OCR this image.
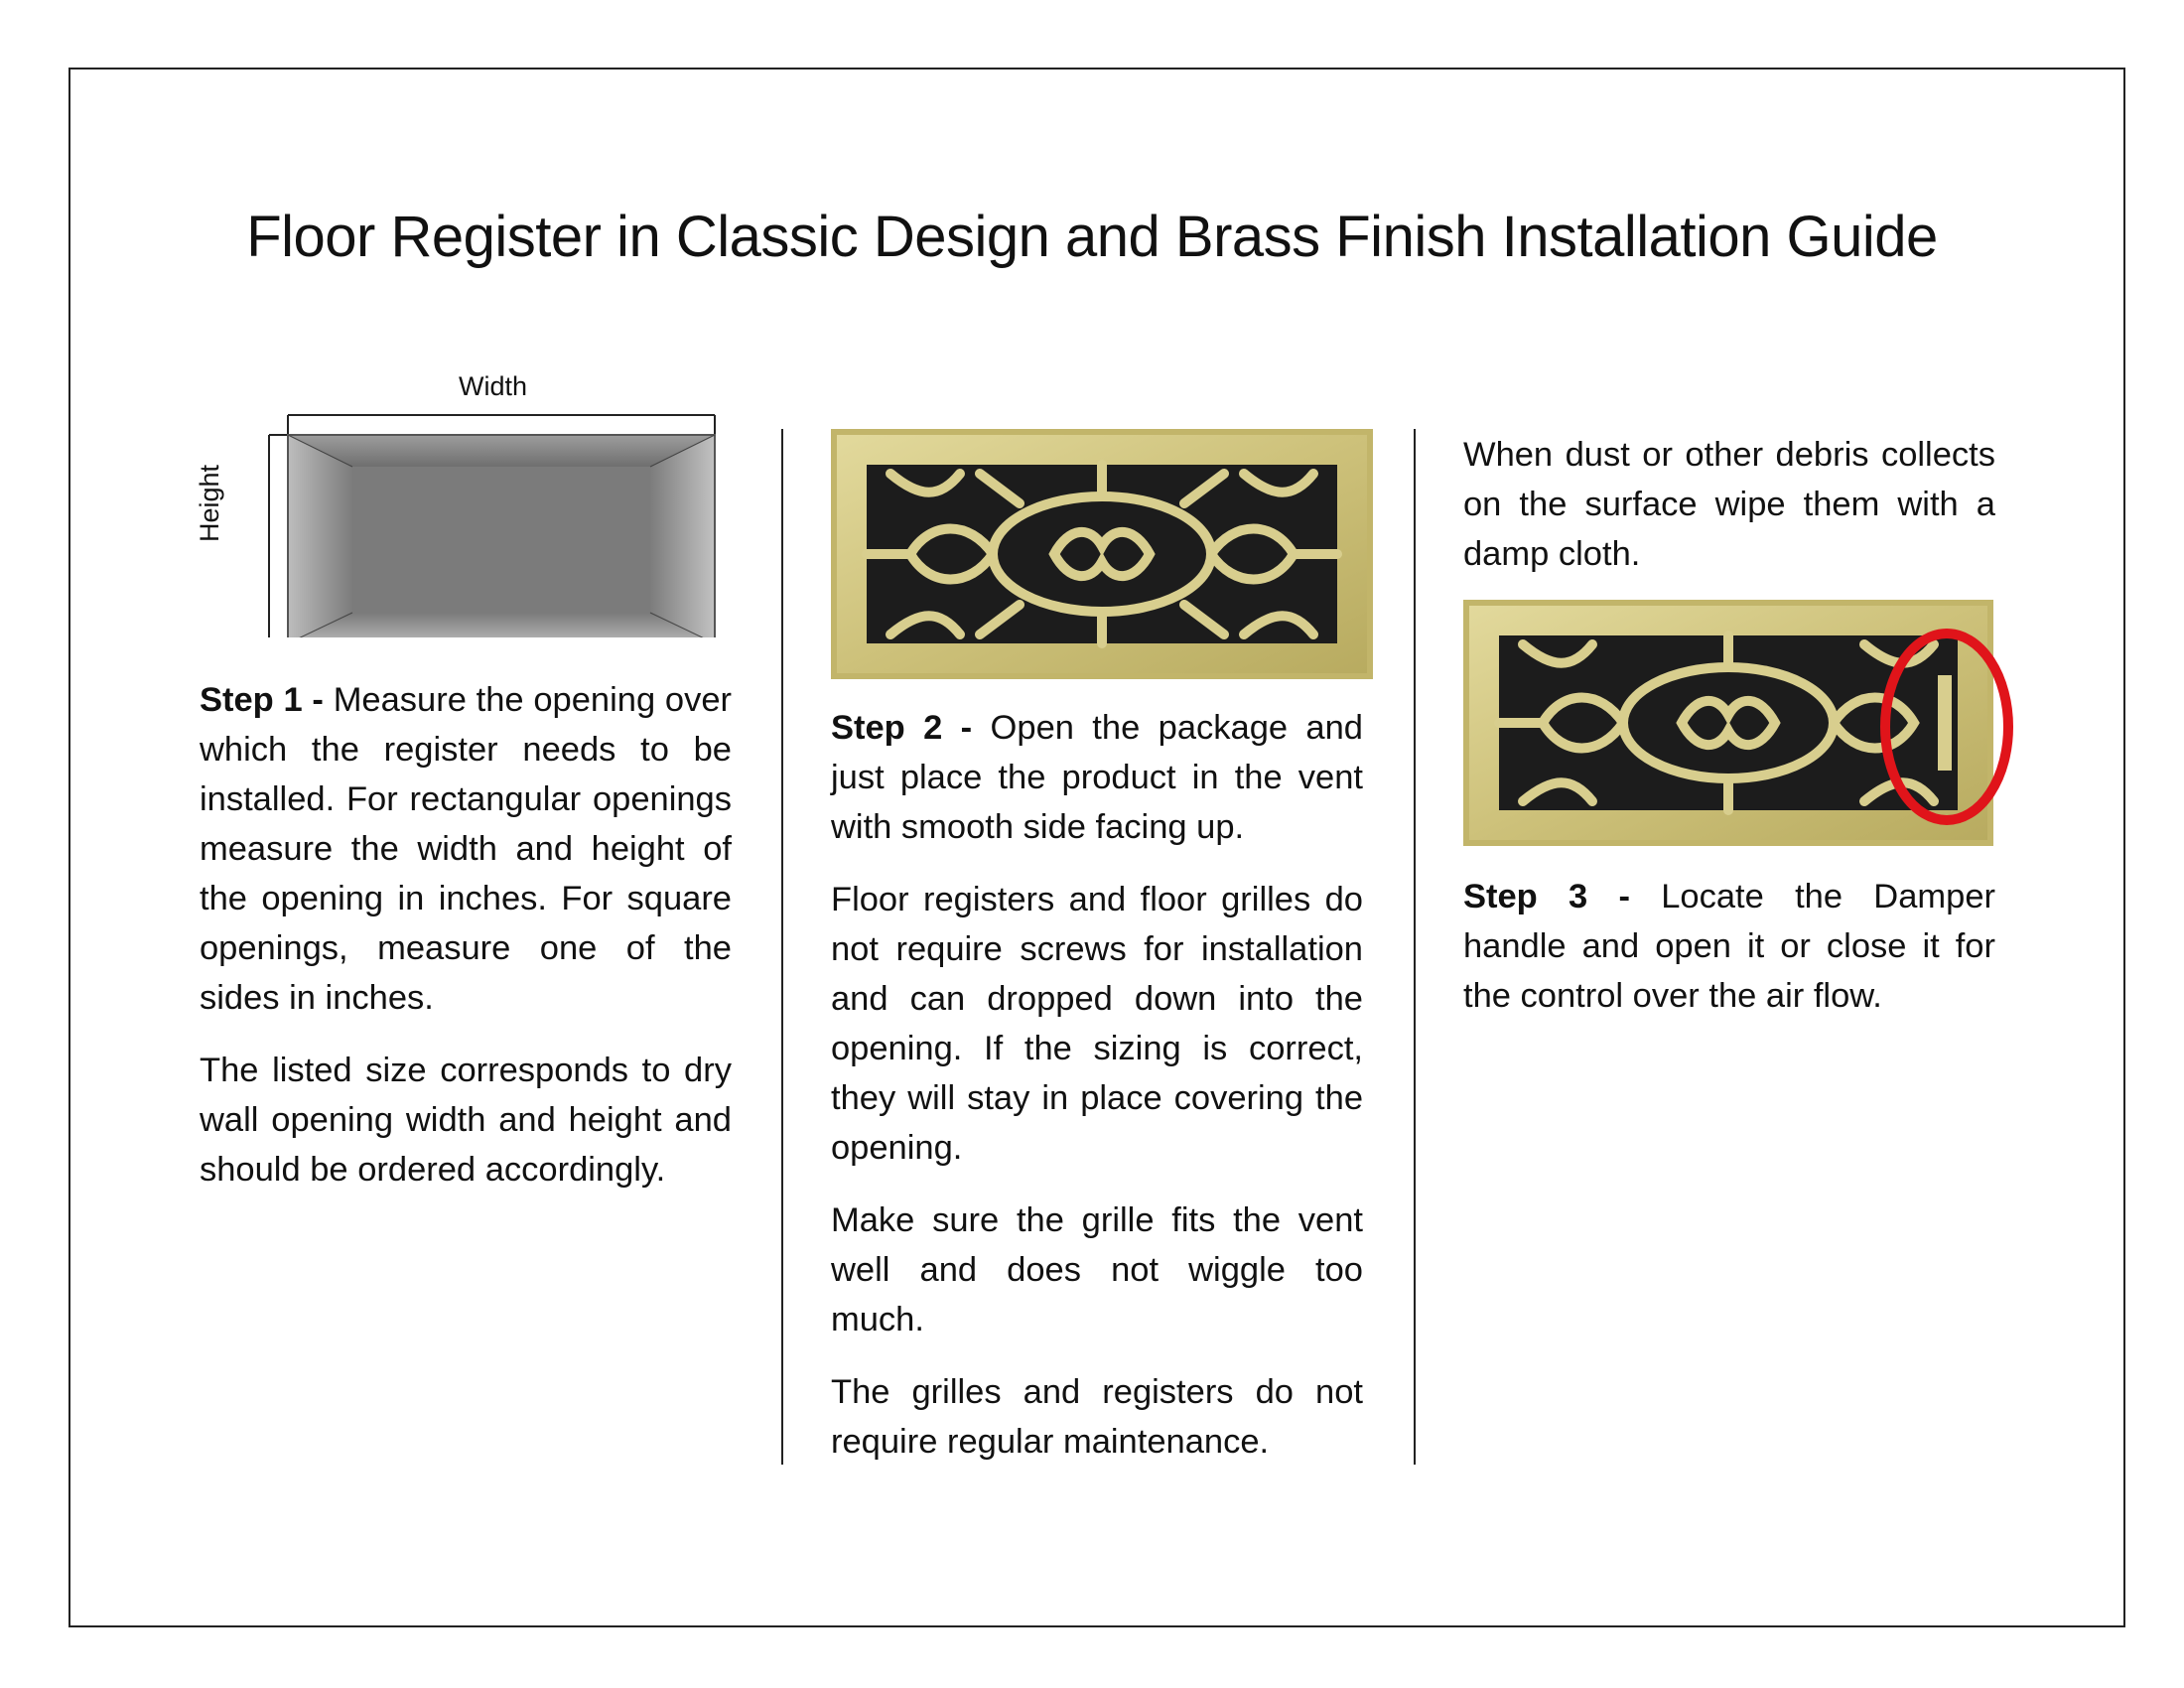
Floor Register in Classic Design and Brass Finish Installation Guide
Width
Height

Step 1 - Measure the opening over which the register needs to be installed. For rectangular openings measure the width and height of the opening in inches. For square openings, measure one of the sides in inches.

The listed size corresponds to dry wall opening width and height and should be ordered accordingly.

Step 2 - Open the package and just place the product in the vent with smooth side facing up.

Floor registers and floor grilles do not require screws for installation and can dropped down into the opening. If the sizing is correct, they will stay in place covering the opening.

Make sure the grille fits the vent well and does not wiggle too much.

The grilles and registers do not require regular maintenance.

When dust or other debris collects on the surface wipe them with a damp cloth.

Step 3 - Locate the Damper handle and open it or close it for the control over the air flow.
